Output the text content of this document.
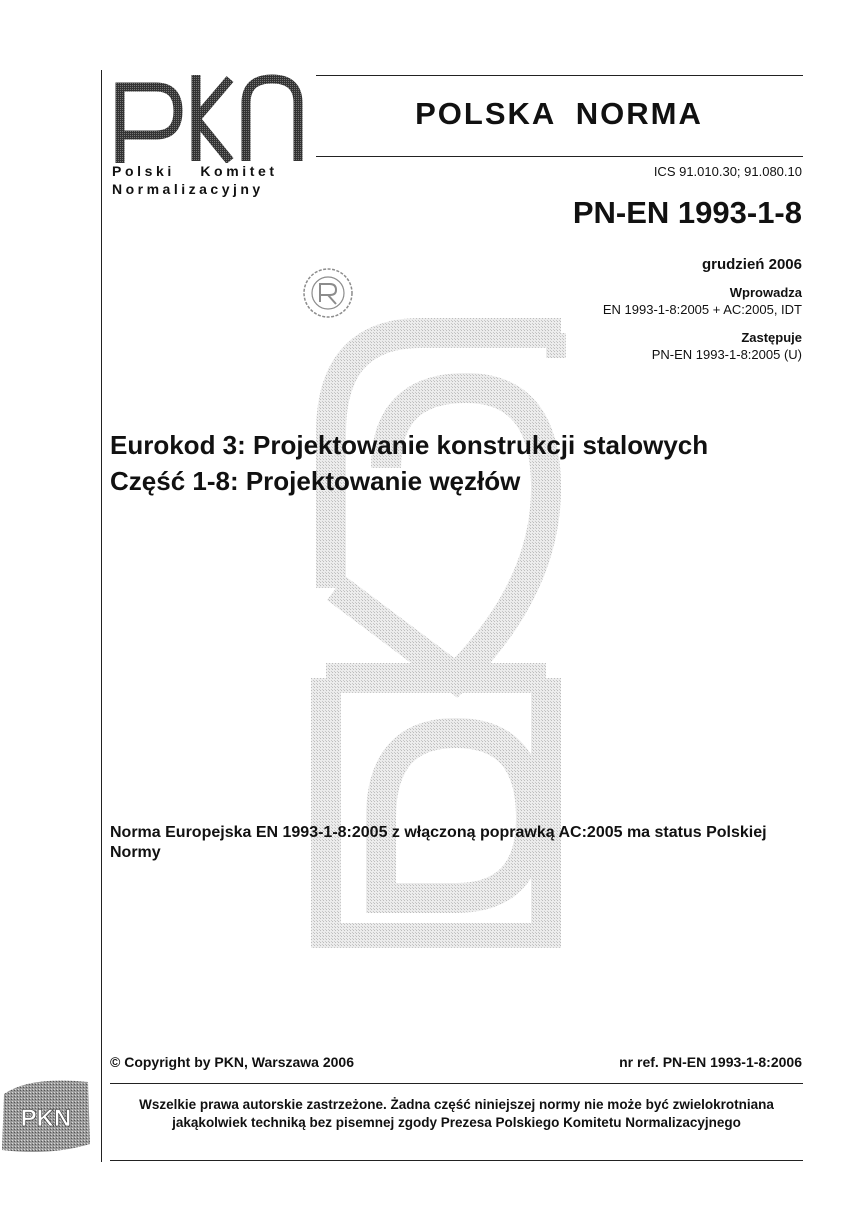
Polski Komitet
Normalizacyjny
POLSKA NORMA
ICS 91.010.30; 91.080.10
PN-EN 1993-1-8
grudzień 2006
Wprowadza
EN 1993-1-8:2005 + AC:2005, IDT
Zastępuje
PN-EN 1993-1-8:2005 (U)
Eurokod 3: Projektowanie konstrukcji stalowych
Część 1-8: Projektowanie węzłów
Norma Europejska EN 1993-1-8:2005 z włączoną poprawką AC:2005 ma status Polskiej Normy
© Copyright by PKN, Warszawa 2006	nr ref. PN-EN 1993-1-8:2006
Wszelkie prawa autorskie zastrzeżone. Żadna część niniejszej normy nie może być zwielokrotniana jakąkolwiek techniką bez pisemnej zgody Prezesa Polskiego Komitetu Normalizacyjnego
PKN
